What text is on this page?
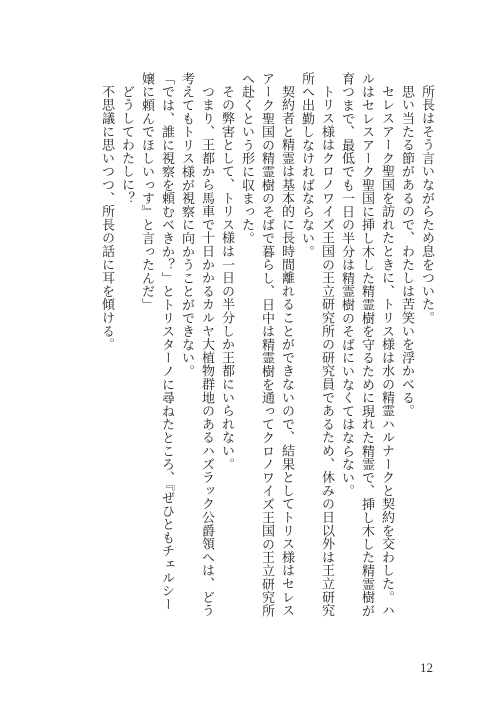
所長はそう言いながらため息をついた。

思い当たる節があるので、わたしは苦笑いを浮かべる。

セレスアーク聖国を訪れたときに、トリス様は水の精霊ハルナークと契約を交わした。ハルはセレスアーク聖国に挿し木した精霊樹を守るために現れた精霊で、挿し木した精霊樹が育つまで、最低でも一日の半分は精霊樹のそばにいなくてはならない。

トリス様はクロノワイズ王国の王立研究所の研究員であるため、休みの日以外は王立研究所へ出勤しなければならない。

契約者と精霊は基本的に長時間離れることができないので、結果としてトリス様はセレスアーク聖国の精霊樹のそばで暮らし、日中は精霊樹を通ってクロノワイズ王国の王立研究所へ赴くという形に収まった。

その弊害として、トリス様は一日の半分しか王都にいられない。

つまり、王都から馬車で十日かかるカルヤ大植物群地のあるハズラック公爵領へは、どう考えてもトリス様が視察に向かうことができない。

「では、誰に視察を頼むべきか？」とトリスターノに尋ねたところ、『ぜひともチェルシー嬢に頼んでほしいっす』と言ったんだ」

どうしてわたしに？

不思議に思いつつ、所長の話に耳を傾ける。

12
